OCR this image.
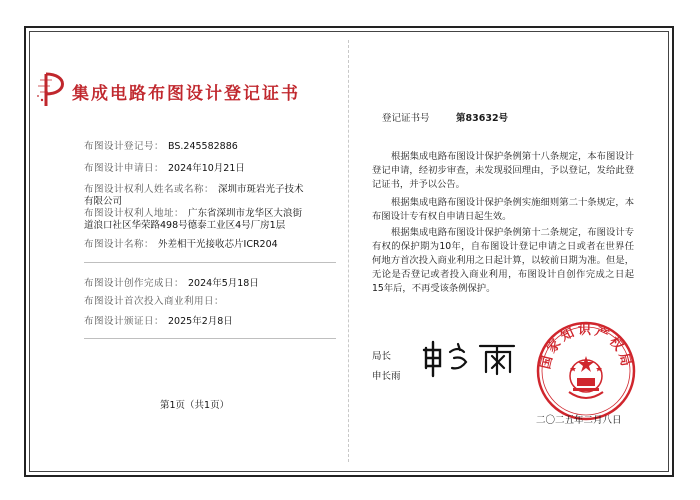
集成电路布图设计登记证书
布图设计登记号： BS.245582886
布图设计申请日： 2024年10月21日
布图设计权利人姓名或名称： 深圳市斑岩光子技术
有限公司
布图设计权利人地址： 广东省深圳市龙华区大浪街
道浪口社区华荣路498号德泰工业区4号厂房1层
布图设计名称： 外差相干光接收芯片ICR204
布图设计创作完成日： 2024年5月18日
布图设计首次投入商业利用日：
布图设计颁证日： 2025年2月8日
第1页（共1页）
登记证书号	第83632号
根据集成电路布图设计保护条例第十八条规定，本布图设计登记申请，经初步审查，未发现驳回理由，予以登记，发给此登记证书，并予以公告。
根据集成电路布图设计保护条例实施细则第二十条规定，本布图设计专有权自申请日起生效。
根据集成电路布图设计保护条例第十二条规定，布图设计专有权的保护期为10年，自布图设计登记申请之日或者在世界任何地方首次投入商业利用之日起计算，以较前日期为准。但是，无论是否登记或者投入商业利用，布图设计自创作完成之日起15年后，不再受该条例保护。
局长
申长雨
国家知识产权局
二〇二五年二月八日
